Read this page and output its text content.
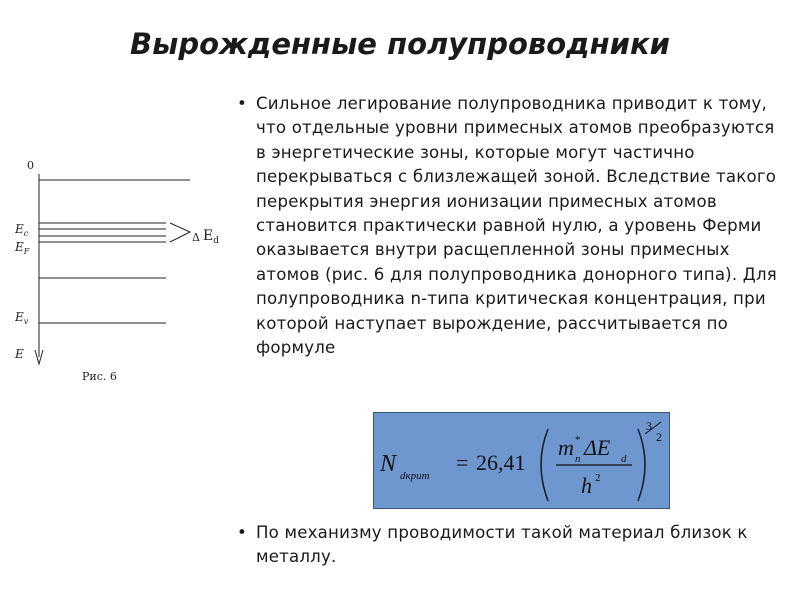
Вырожденные полупроводники
0
$E_c$
$E_F$
$E_v$
E
Δ $E_d$
Рис. 6
• Сильное легирование полупроводника приводит к тому, что отдельные уровни примесных атомов преобразуются в энергетические зоны, которые могут частично перекрываться с близлежащей зоной. Вследствие такого перекрытия энергия ионизации примесных атомов становится практически равной нулю, а уровень Ферми оказывается внутри расщепленной зоны примесных атомов (рис. 6 для полупроводника донорного типа). Для полупроводника n-типа критическая концентрация, при которой наступает вырождение, рассчитывается по формуле
N dкрит
= 26,41
m *
n ΔE d
h 2
3
2
• По механизму проводимости такой материал близок к металлу.
